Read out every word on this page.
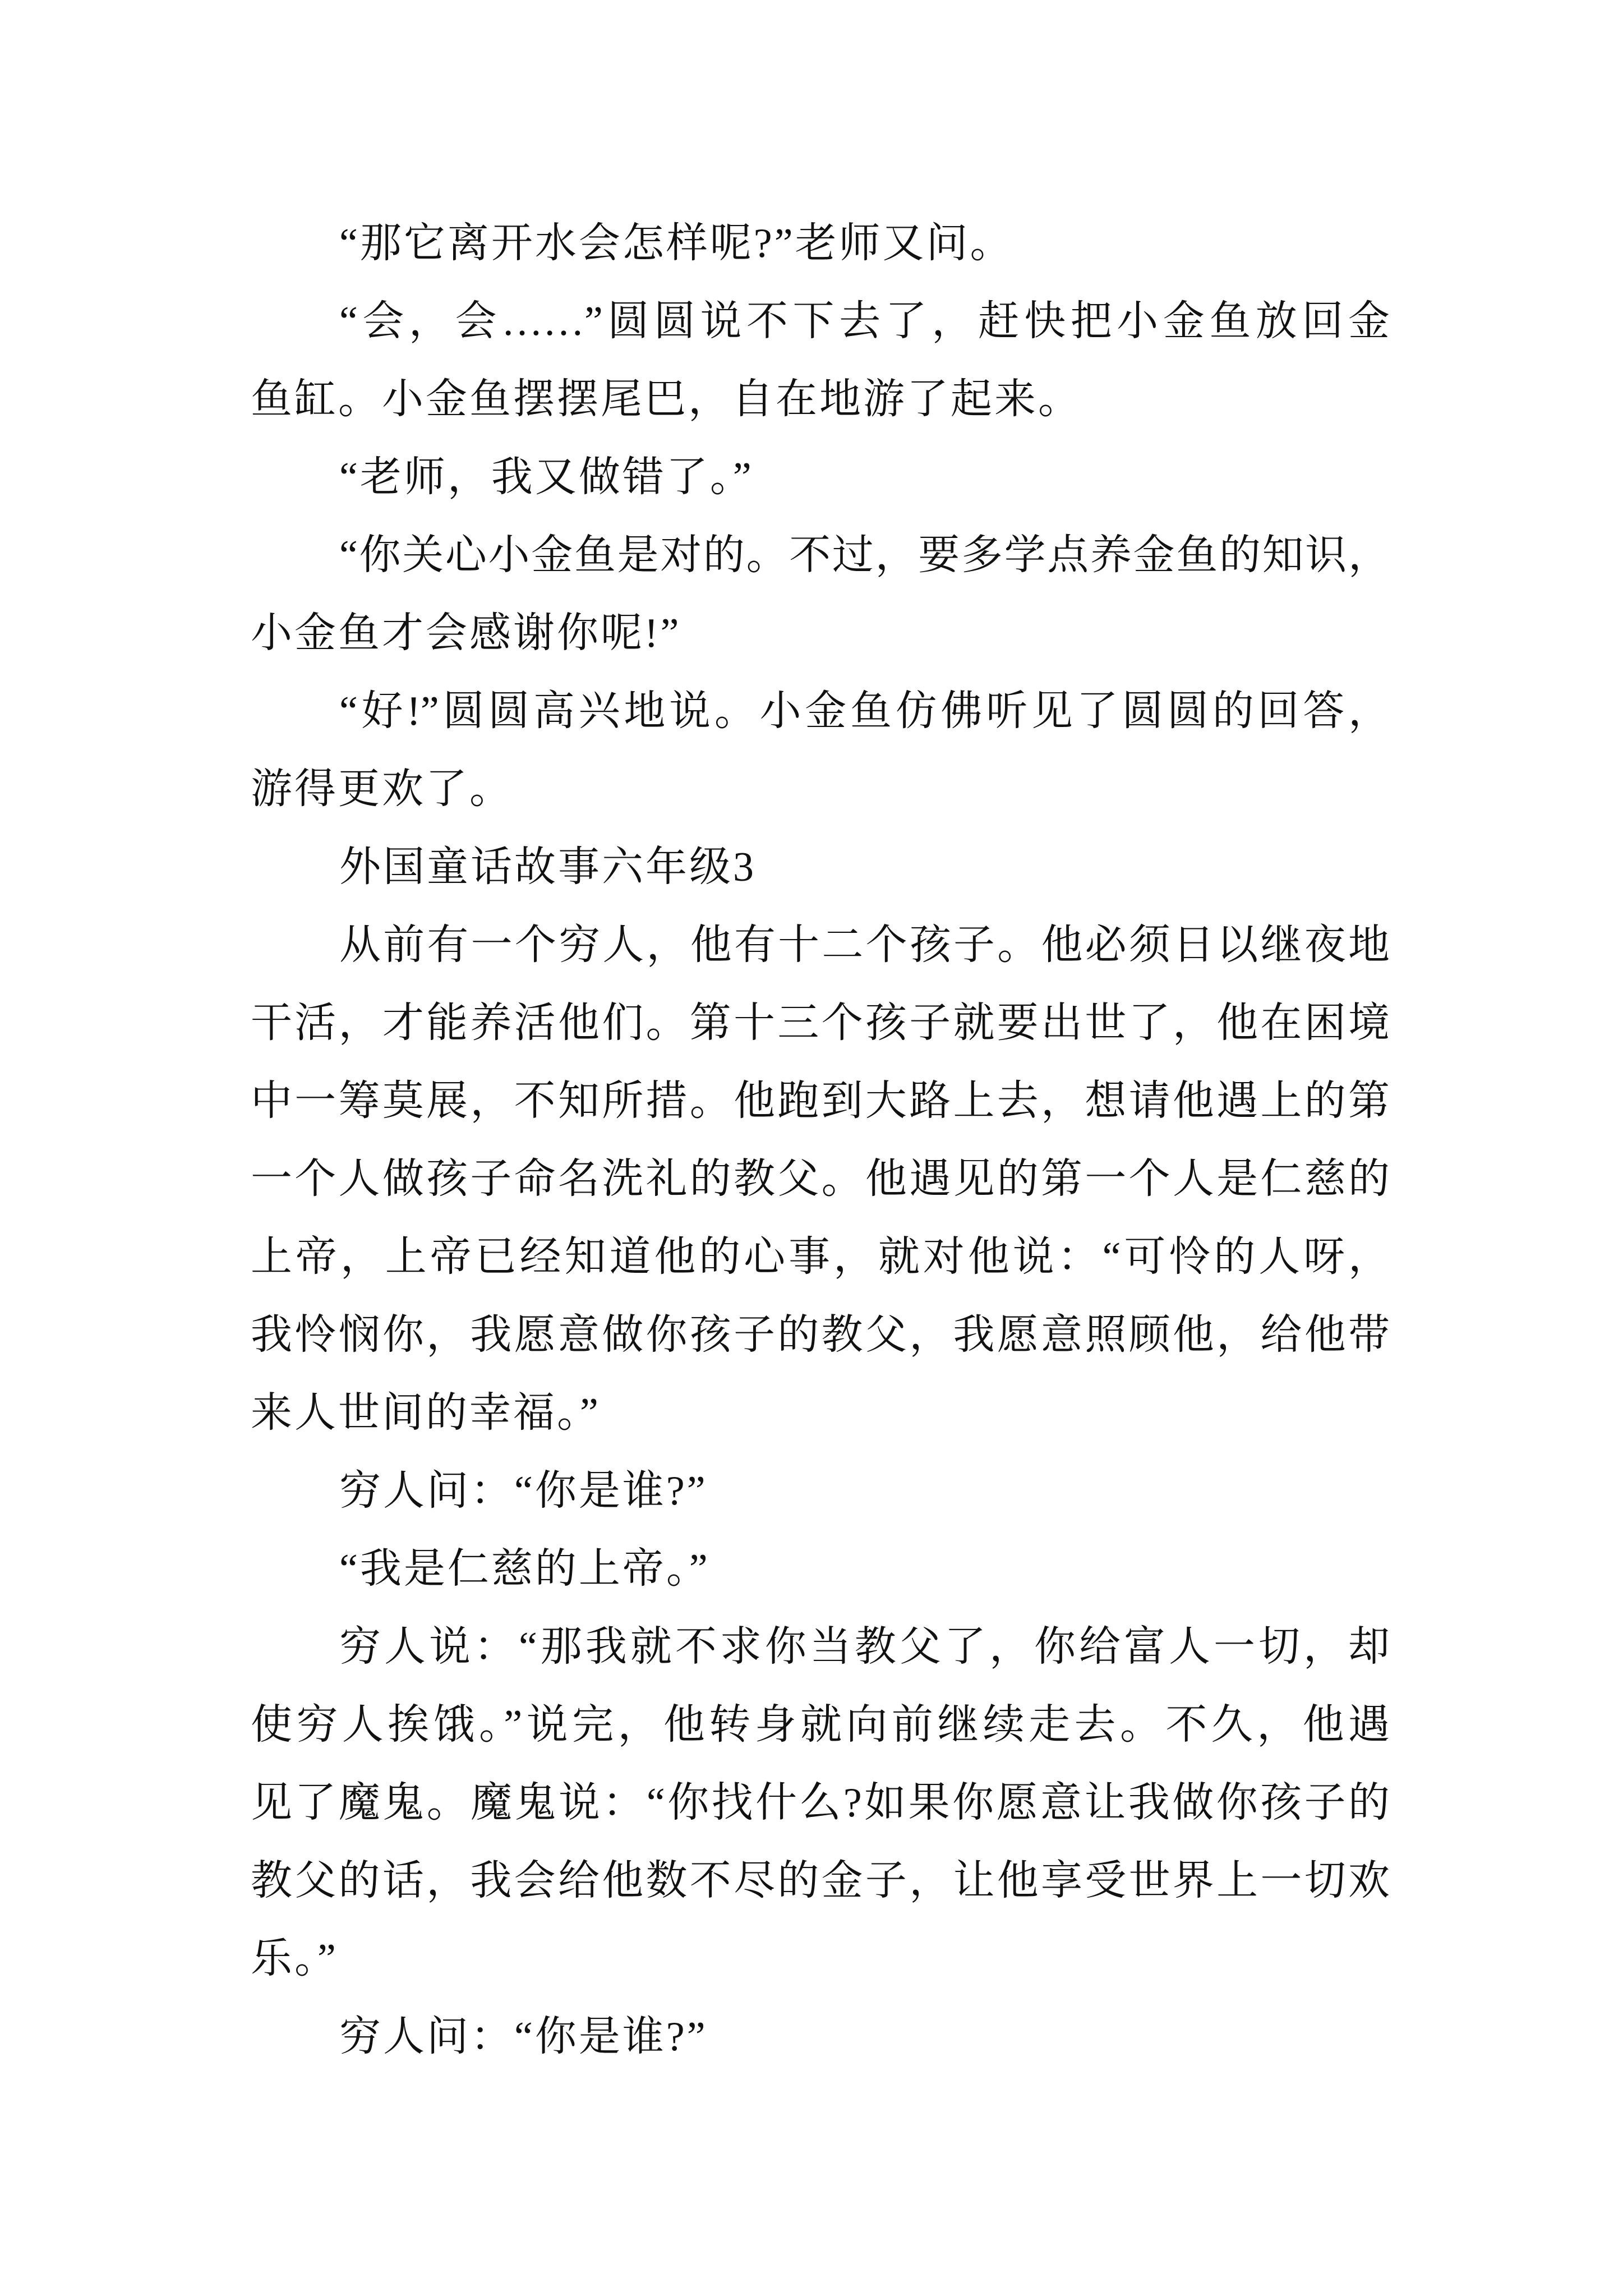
“那它离开水会怎样呢?”老师又问。
“会，会……”圆圆说不下去了，赶快把小金鱼放回金
鱼缸。小金鱼摆摆尾巴，自在地游了起来。
“老师，我又做错了。”
“你关心小金鱼是对的。不过，要多学点养金鱼的知识，
小金鱼才会感谢你呢!”
“好!”圆圆高兴地说。小金鱼仿佛听见了圆圆的回答，
游得更欢了。
外国童话故事六年级3
从前有一个穷人，他有十二个孩子。他必须日以继夜地
干活，才能养活他们。第十三个孩子就要出世了，他在困境
中一筹莫展，不知所措。他跑到大路上去，想请他遇上的第
一个人做孩子命名洗礼的教父。他遇见的第一个人是仁慈的
上帝，上帝已经知道他的心事，就对他说：“可怜的人呀，
我怜悯你，我愿意做你孩子的教父，我愿意照顾他，给他带
来人世间的幸福。”
穷人问：“你是谁?”
“我是仁慈的上帝。”
穷人说：“那我就不求你当教父了，你给富人一切，却
使穷人挨饿。”说完，他转身就向前继续走去。不久，他遇
见了魔鬼。魔鬼说：“你找什么?如果你愿意让我做你孩子的
教父的话，我会给他数不尽的金子，让他享受世界上一切欢
乐。”
穷人问：“你是谁?”
